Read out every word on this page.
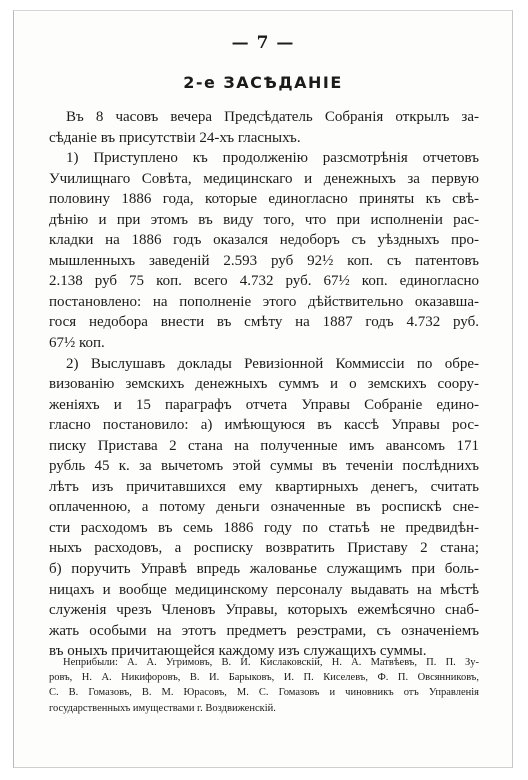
— 7 —
2-е ЗАСѢДАНІЕ
Въ 8 часовъ вечера Предсѣдатель Собранія открылъ за-
сѣданіе въ присутствіи 24-хъ гласныхъ.
1) Приступлено къ продолженію разсмотрѣнія отчетовъ
Училищнаго Совѣта, медицинскаго и денежныхъ за первую
половину 1886 года, которые единогласно приняты къ свѣ-
дѣнію и при этомъ въ виду того, что при исполненіи рас-
кладки на 1886 годъ оказался недоборъ съ уѣздныхъ про-
мышленныхъ заведеній 2.593 руб 92½ коп. съ патентовъ
2.138 руб 75 коп. всего 4.732 руб. 67½ коп. единогласно
постановлено: на пополненіе этого дѣйствительно оказавша-
гося недобора внести въ смѣту на 1887 годъ 4.732 руб.
67½ коп.
2) Выслушавъ доклады Ревизіонной Коммиссіи по обре-
визованію земскихъ денежныхъ суммъ и о земскихъ соору-
женіяхъ и 15 параграфъ отчета Управы Собраніе едино-
гласно постановило: а) имѣющуюся въ кассѣ Управы рос-
писку Пристава 2 стана на полученные имъ авансомъ 171
рубль 45 к. за вычетомъ этой суммы въ теченіи послѣднихъ
лѣтъ изъ причитавшихся ему квартирныхъ денегъ, считать
оплаченною, а потому деньги означенные въ роспискѣ сне-
сти расходомъ въ семь 1886 году по статьѣ не предвидѣн-
ныхъ расходовъ, а роспиcку возвратить Приставу 2 стана;
б) поручить Управѣ впредь жалованье служащимъ при боль-
ницахъ и вообще медицинскому персоналу выдавать на мѣстѣ
служенія чрезъ Членовъ Управы, которыхъ ежемѣсячно снаб-
жать особыми на этотъ предметъ реэстрами, съ означеніемъ
въ оныхъ причитающейся каждому изъ служащихъ суммы.
Неприбыли: А. А. Угримовъ, В. И. Кислаковскій, Н. А. Матвѣевъ, П. П. Зу-
ровъ, Н. А. Никифоровъ, В. И. Барыковъ, И. П. Киселевъ, Ф. П. Овсянниковъ,
С. В. Гомазовъ, В. М. Юрасовъ, М. С. Гомазовъ и чиновникъ отъ Управленія
государственныхъ имуществами г. Воздвиженскій.
